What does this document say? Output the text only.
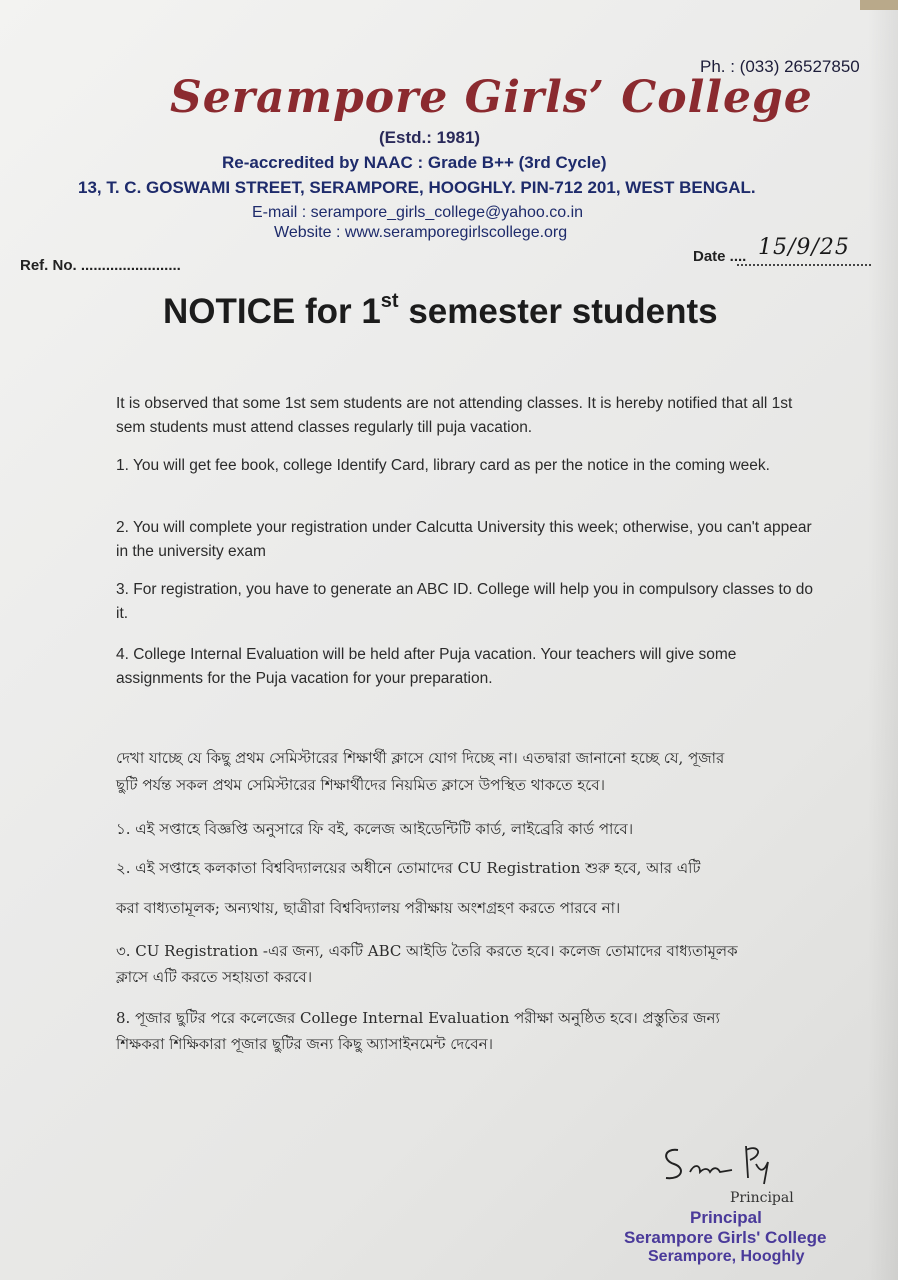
Ph. : (033) 26527850
Serampore Girls’ College
(Estd.: 1981)
Re-accredited by NAAC : Grade B++ (3rd Cycle)
13, T. C. GOSWAMI STREET, SERAMPORE, HOOGHLY. PIN-712 201, WEST BENGAL.
E-mail : serampore_girls_college@yahoo.co.in
Website : www.seramporegirlscollege.org
Ref. No. ........................
Date .... 15/9/25
NOTICE for 1st semester students
It is observed that some 1st sem students are not attending classes. It is hereby notified that all 1st sem students must attend classes regularly till puja vacation.
1. You will get fee book, college Identify Card, library card as per the notice in the coming week.
2. You will complete your registration under Calcutta University this week; otherwise, you can't appear in the university exam
3. For registration, you have to generate an ABC ID. College will help you in compulsory classes to do it.
4. College Internal Evaluation will be held after Puja vacation. Your teachers will give some assignments for the Puja vacation for your preparation.
দেখা যাচ্ছে যে কিছু প্রথম সেমিস্টারের শিক্ষার্থী ক্লাসে যোগ দিচ্ছে না। এতদ্বারা জানানো হচ্ছে যে, পূজার
ছুটি পর্যন্ত সকল প্রথম সেমিস্টারের শিক্ষার্থীদের নিয়মিত ক্লাসে উপস্থিত থাকতে হবে।
১. এই সপ্তাহে বিজ্ঞপ্তি অনুসারে ফি বই, কলেজ আইডেন্টিটি কার্ড, লাইব্রেরি কার্ড পাবে।
২. এই সপ্তাহে কলকাতা বিশ্ববিদ্যালয়ের অধীনে তোমাদের CU Registration শুরু হবে, আর এটি
করা বাধ্যতামূলক; অন্যথায়, ছাত্রীরা বিশ্ববিদ্যালয় পরীক্ষায় অংশগ্রহণ করতে পারবে না।
৩. CU Registration -এর জন্য, একটি ABC আইডি তৈরি করতে হবে। কলেজ তোমাদের বাধ্যতামূলক
ক্লাসে এটি করতে সহায়তা করবে।
8. পূজার ছুটির পরে কলেজের College Internal Evaluation পরীক্ষা অনুষ্ঠিত হবে। প্রস্তুতির জন্য
শিক্ষকরা শিক্ষিকারা পূজার ছুটির জন্য কিছু অ্যাসাইনমেন্ট দেবেন।
Principal
Principal
Serampore Girls' College
Serampore, Hooghly
